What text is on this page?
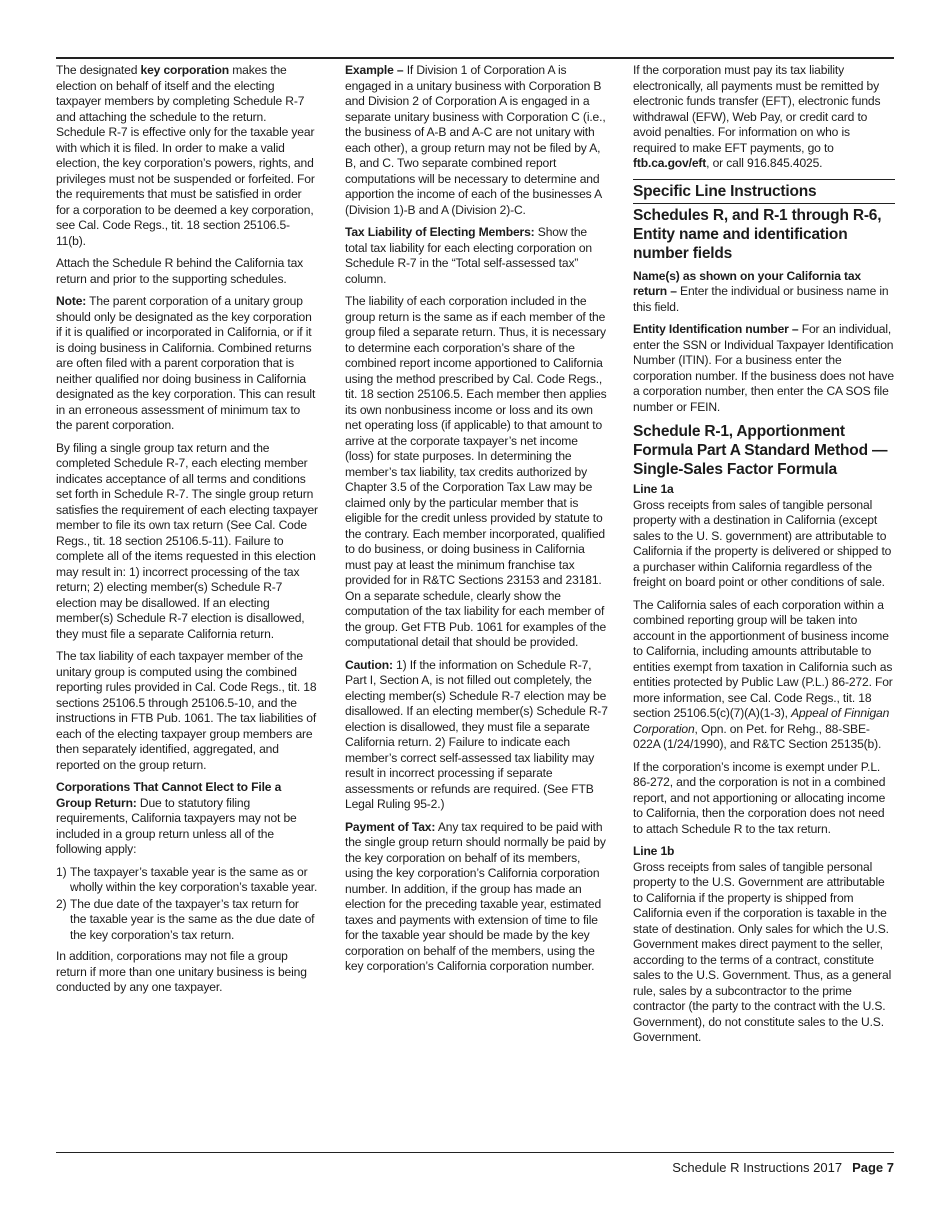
The designated key corporation makes the election on behalf of itself and the electing taxpayer members by completing Schedule R-7 and attaching the schedule to the return. Schedule R-7 is effective only for the taxable year with which it is filed. In order to make a valid election, the key corporation’s powers, rights, and privileges must not be suspended or forfeited. For the requirements that must be satisfied in order for a corporation to be deemed a key corporation, see Cal. Code Regs., tit. 18 section 25106.5-11(b).

Attach the Schedule R behind the California tax return and prior to the supporting schedules.

Note: The parent corporation of a unitary group should only be designated as the key corporation if it is qualified or incorporated in California, or if it is doing business in California. Combined returns are often filed with a parent corporation that is neither qualified nor doing business in California designated as the key corporation. This can result in an erroneous assessment of minimum tax to the parent corporation.

By filing a single group tax return and the completed Schedule R-7, each electing member indicates acceptance of all terms and conditions set forth in Schedule R-7. The single group return satisfies the requirement of each electing taxpayer member to file its own tax return (See Cal. Code Regs., tit. 18 section 25106.5-11). Failure to complete all of the items requested in this election may result in: 1) incorrect processing of the tax return; 2) electing member(s) Schedule R-7 election may be disallowed. If an electing member(s) Schedule R-7 election is disallowed, they must file a separate California return.

The tax liability of each taxpayer member of the unitary group is computed using the combined reporting rules provided in Cal. Code Regs., tit. 18 sections 25106.5 through 25106.5-10, and the instructions in FTB Pub. 1061. The tax liabilities of each of the electing taxpayer group members are then separately identified, aggregated, and reported on the group return.

Corporations That Cannot Elect to File a Group Return: Due to statutory filing requirements, California taxpayers may not be included in a group return unless all of the following apply:

1) The taxpayer’s taxable year is the same as or wholly within the key corporation’s taxable year.
2) The due date of the taxpayer’s tax return for the taxable year is the same as the due date of the key corporation’s tax return.

In addition, corporations may not file a group return if more than one unitary business is being conducted by any one taxpayer.

Example – If Division 1 of Corporation A is engaged in a unitary business with Corporation B and Division 2 of Corporation A is engaged in a separate unitary business with Corporation C (i.e., the business of A-B and A-C are not unitary with each other), a group return may not be filed by A, B, and C. Two separate combined report computations will be necessary to determine and apportion the income of each of the businesses A (Division 1)-B and A (Division 2)-C.

Tax Liability of Electing Members: Show the total tax liability for each electing corporation on Schedule R-7 in the “Total self-assessed tax” column.

The liability of each corporation included in the group return is the same as if each member of the group filed a separate return. Thus, it is necessary to determine each corporation’s share of the combined report income apportioned to California using the method prescribed by Cal. Code Regs., tit. 18 section 25106.5. Each member then applies its own nonbusiness income or loss and its own net operating loss (if applicable) to that amount to arrive at the corporate taxpayer’s net income (loss) for state purposes. In determining the member’s tax liability, tax credits authorized by Chapter 3.5 of the Corporation Tax Law may be claimed only by the particular member that is eligible for the credit unless provided by statute to the contrary. Each member incorporated, qualified to do business, or doing business in California must pay at least the minimum franchise tax provided for in R&TC Sections 23153 and 23181. On a separate schedule, clearly show the computation of the tax liability for each member of the group. Get FTB Pub. 1061 for examples of the computational detail that should be provided.

Caution: 1) If the information on Schedule R-7, Part I, Section A, is not filled out completely, the electing member(s) Schedule R-7 election may be disallowed. If an electing member(s) Schedule R-7 election is disallowed, they must file a separate California return. 2) Failure to indicate each member’s correct self-assessed tax liability may result in incorrect processing if separate assessments or refunds are required. (See FTB Legal Ruling 95-2.)

Payment of Tax: Any tax required to be paid with the single group return should normally be paid by the key corporation on behalf of its members, using the key corporation’s California corporation number. In addition, if the group has made an election for the preceding taxable year, estimated taxes and payments with extension of time to file for the taxable year should be made by the key corporation on behalf of the members, using the key corporation’s California corporation number.

If the corporation must pay its tax liability electronically, all payments must be remitted by electronic funds transfer (EFT), electronic funds withdrawal (EFW), Web Pay, or credit card to avoid penalties. For information on who is required to make EFT payments, go to ftb.ca.gov/eft, or call 916.845.4025.

Specific Line Instructions
Schedules R, and R-1 through R-6, Entity name and identification number fields

Name(s) as shown on your California tax return – Enter the individual or business name in this field.

Entity Identification number – For an individual, enter the SSN or Individual Taxpayer Identification Number (ITIN). For a business enter the corporation number. If the business does not have a corporation number, then enter the CA SOS file number or FEIN.

Schedule R-1, Apportionment Formula Part A Standard Method — Single-Sales Factor Formula

Line 1a
Gross receipts from sales of tangible personal property with a destination in California (except sales to the U. S. government) are attributable to California if the property is delivered or shipped to a purchaser within California regardless of the freight on board point or other conditions of sale.

The California sales of each corporation within a combined reporting group will be taken into account in the apportionment of business income to California, including amounts attributable to entities exempt from taxation in California such as entities protected by Public Law (P.L.) 86-272. For more information, see Cal. Code Regs., tit. 18 section 25106.5(c)(7)(A)(1-3), Appeal of Finnigan Corporation, Opn. on Pet. for Rehg., 88-SBE-022A (1/24/1990), and R&TC Section 25135(b).

If the corporation’s income is exempt under P.L. 86-272, and the corporation is not in a combined report, and not apportioning or allocating income to California, then the corporation does not need to attach Schedule R to the tax return.

Line 1b
Gross receipts from sales of tangible personal property to the U.S. Government are attributable to California if the property is shipped from California even if the corporation is taxable in the state of destination. Only sales for which the U.S. Government makes direct payment to the seller, according to the terms of a contract, constitute sales to the U.S. Government. Thus, as a general rule, sales by a subcontractor to the prime contractor (the party to the contract with the U.S. Government), do not constitute sales to the U.S. Government.

Schedule R Instructions 2017 Page 7
